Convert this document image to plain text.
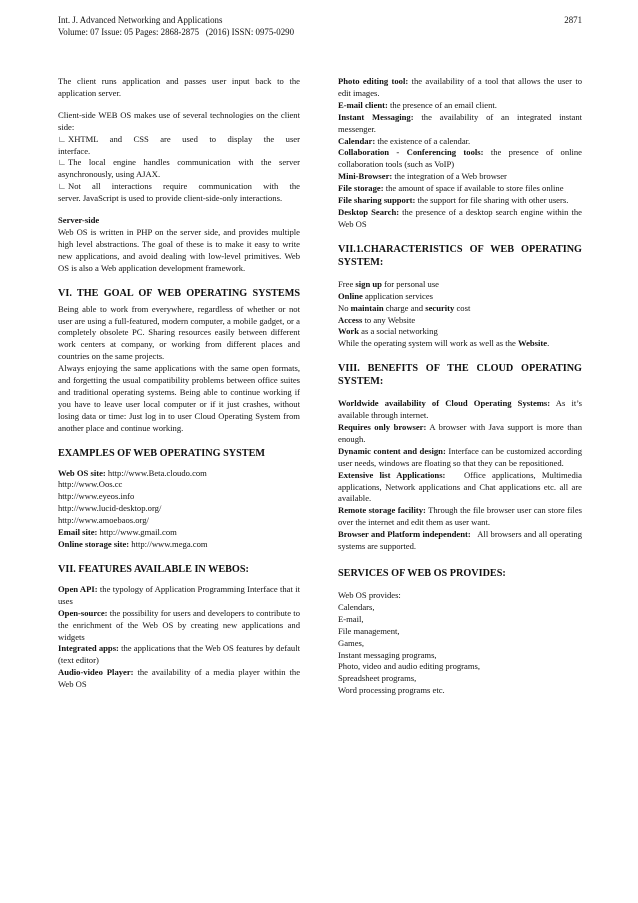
Int. J. Advanced Networking and Applications	2871
Volume: 07 Issue: 05 Pages: 2868-2875   (2016) ISSN: 0975-0290

The client runs application and passes user input back to the application server.

Client-side WEB OS makes use of several technologies on the client side:

∟ XHTML and CSS are used to display the user

interface.

∟ The local engine handles communication with the server asynchronously, using AJAX.

∟ Not all interactions require communication with the

server. JavaScript is used to provide client-side-only interactions.

Server-side

Web OS is written in PHP on the server side, and provides multiple high level abstractions. The goal of these is to make it easy to write new applications, and avoid dealing with low-level primitives. Web OS is also a Web application development framework.

VI. THE GOAL OF WEB OPERATING SYSTEMS

Being able to work from everywhere, regardless of whether or not user are using a full-featured, modern computer, a mobile gadget, or a completely obsolete PC. Sharing resources easily between different work centers at company, or working from different places and countries on the same projects.

Always enjoying the same applications with the same open formats, and forgetting the usual compatibility problems between office suites and traditional operating systems. Being able to continue working if you have to leave user local computer or if it just crashes, without losing data or time: Just log in to user Cloud Operating System from another place and continue working.

EXAMPLES OF WEB OPERATING SYSTEM

Web OS site: http://www.Beta.cloudo.com

http://www.Oos.cc

http://www.eyeos.info

http://www.lucid-desktop.org/

http://www.amoebaos.org/

Email site: http://www.gmail.com

Online storage site: http://www.mega.com

VII. FEATURES AVAILABLE IN WEBOS:

Open API: the typology of Application Programming Interface that it uses

Open-source: the possibility for users and developers to contribute to the enrichment of the Web OS by creating new applications and widgets

Integrated apps: the applications that the Web OS features by default (text editor)

Audio-video Player: the availability of a media player within the Web OS

Photo editing tool: the availability of a tool that allows the user to edit images.

E-mail client: the presence of an email client.

Instant Messaging: the availability of an integrated instant messenger.

Calendar: the existence of a calendar.

Collaboration - Conferencing tools: the presence of online collaboration tools (such as VoIP)

Mini-Browser: the integration of a Web browser

File storage: the amount of space if available to store files online

File sharing support: the support for file sharing with other users.

Desktop Search: the presence of a desktop search engine within the Web OS

VII.1.CHARACTERISTICS OF WEB OPERATING SYSTEM:

Free sign up for personal use

Online application services

No maintain charge and security cost

Access to any Website

Work as a social networking

While the operating system will work as well as the Website.

VIII. BENEFITS OF THE CLOUD OPERATING SYSTEM:

Worldwide availability of Cloud Operating Systems: As it’s available through internet.

Requires only browser: A browser with Java support is more than enough.

Dynamic content and design: Interface can be customized according user needs, windows are floating so that they can be repositioned.

Extensive list Applications:   Office applications, Multimedia applications, Network applications and Chat applications etc. all are available.

Remote storage facility: Through the file browser user can store files over the internet and edit them as user want.

Browser and Platform independent:   All browsers and all operating systems are supported.

SERVICES OF WEB OS PROVIDES:

Web OS provides:

Calendars,

E-mail,

File management,

Games,

Instant messaging programs,

Photo, video and audio editing programs,

Spreadsheet programs,

Word processing programs etc.
